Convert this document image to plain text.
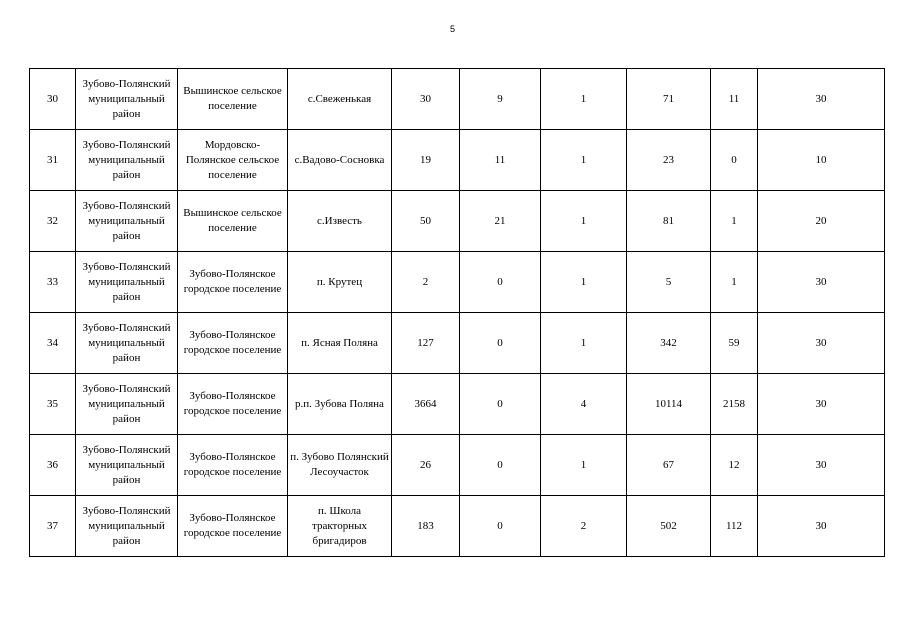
5
30	Зубово-Полянский муниципальный район	Вышинское сельское поселение	с.Свеженькая	30	9	1	71	11	30
31	Зубово-Полянский муниципальный район	Мордовско-Полянское сельское поселение	с.Вадово-Сосновка	19	11	1	23	0	10
32	Зубово-Полянский муниципальный район	Вышинское сельское поселение	с.Известь	50	21	1	81	1	20
33	Зубово-Полянский муниципальный район	Зубово-Полянское городское поселение	п. Крутец	2	0	1	5	1	30
34	Зубово-Полянский муниципальный район	Зубово-Полянское городское поселение	п. Ясная Поляна	127	0	1	342	59	30
35	Зубово-Полянский муниципальный район	Зубово-Полянское городское поселение	р.п. Зубова Поляна	3664	0	4	10114	2158	30
36	Зубово-Полянский муниципальный район	Зубово-Полянское городское поселение	п. Зубово Полянский Лесоучасток	26	0	1	67	12	30
37	Зубово-Полянский муниципальный район	Зубово-Полянское городское поселение	п. Школа тракторных бригадиров	183	0	2	502	112	30
